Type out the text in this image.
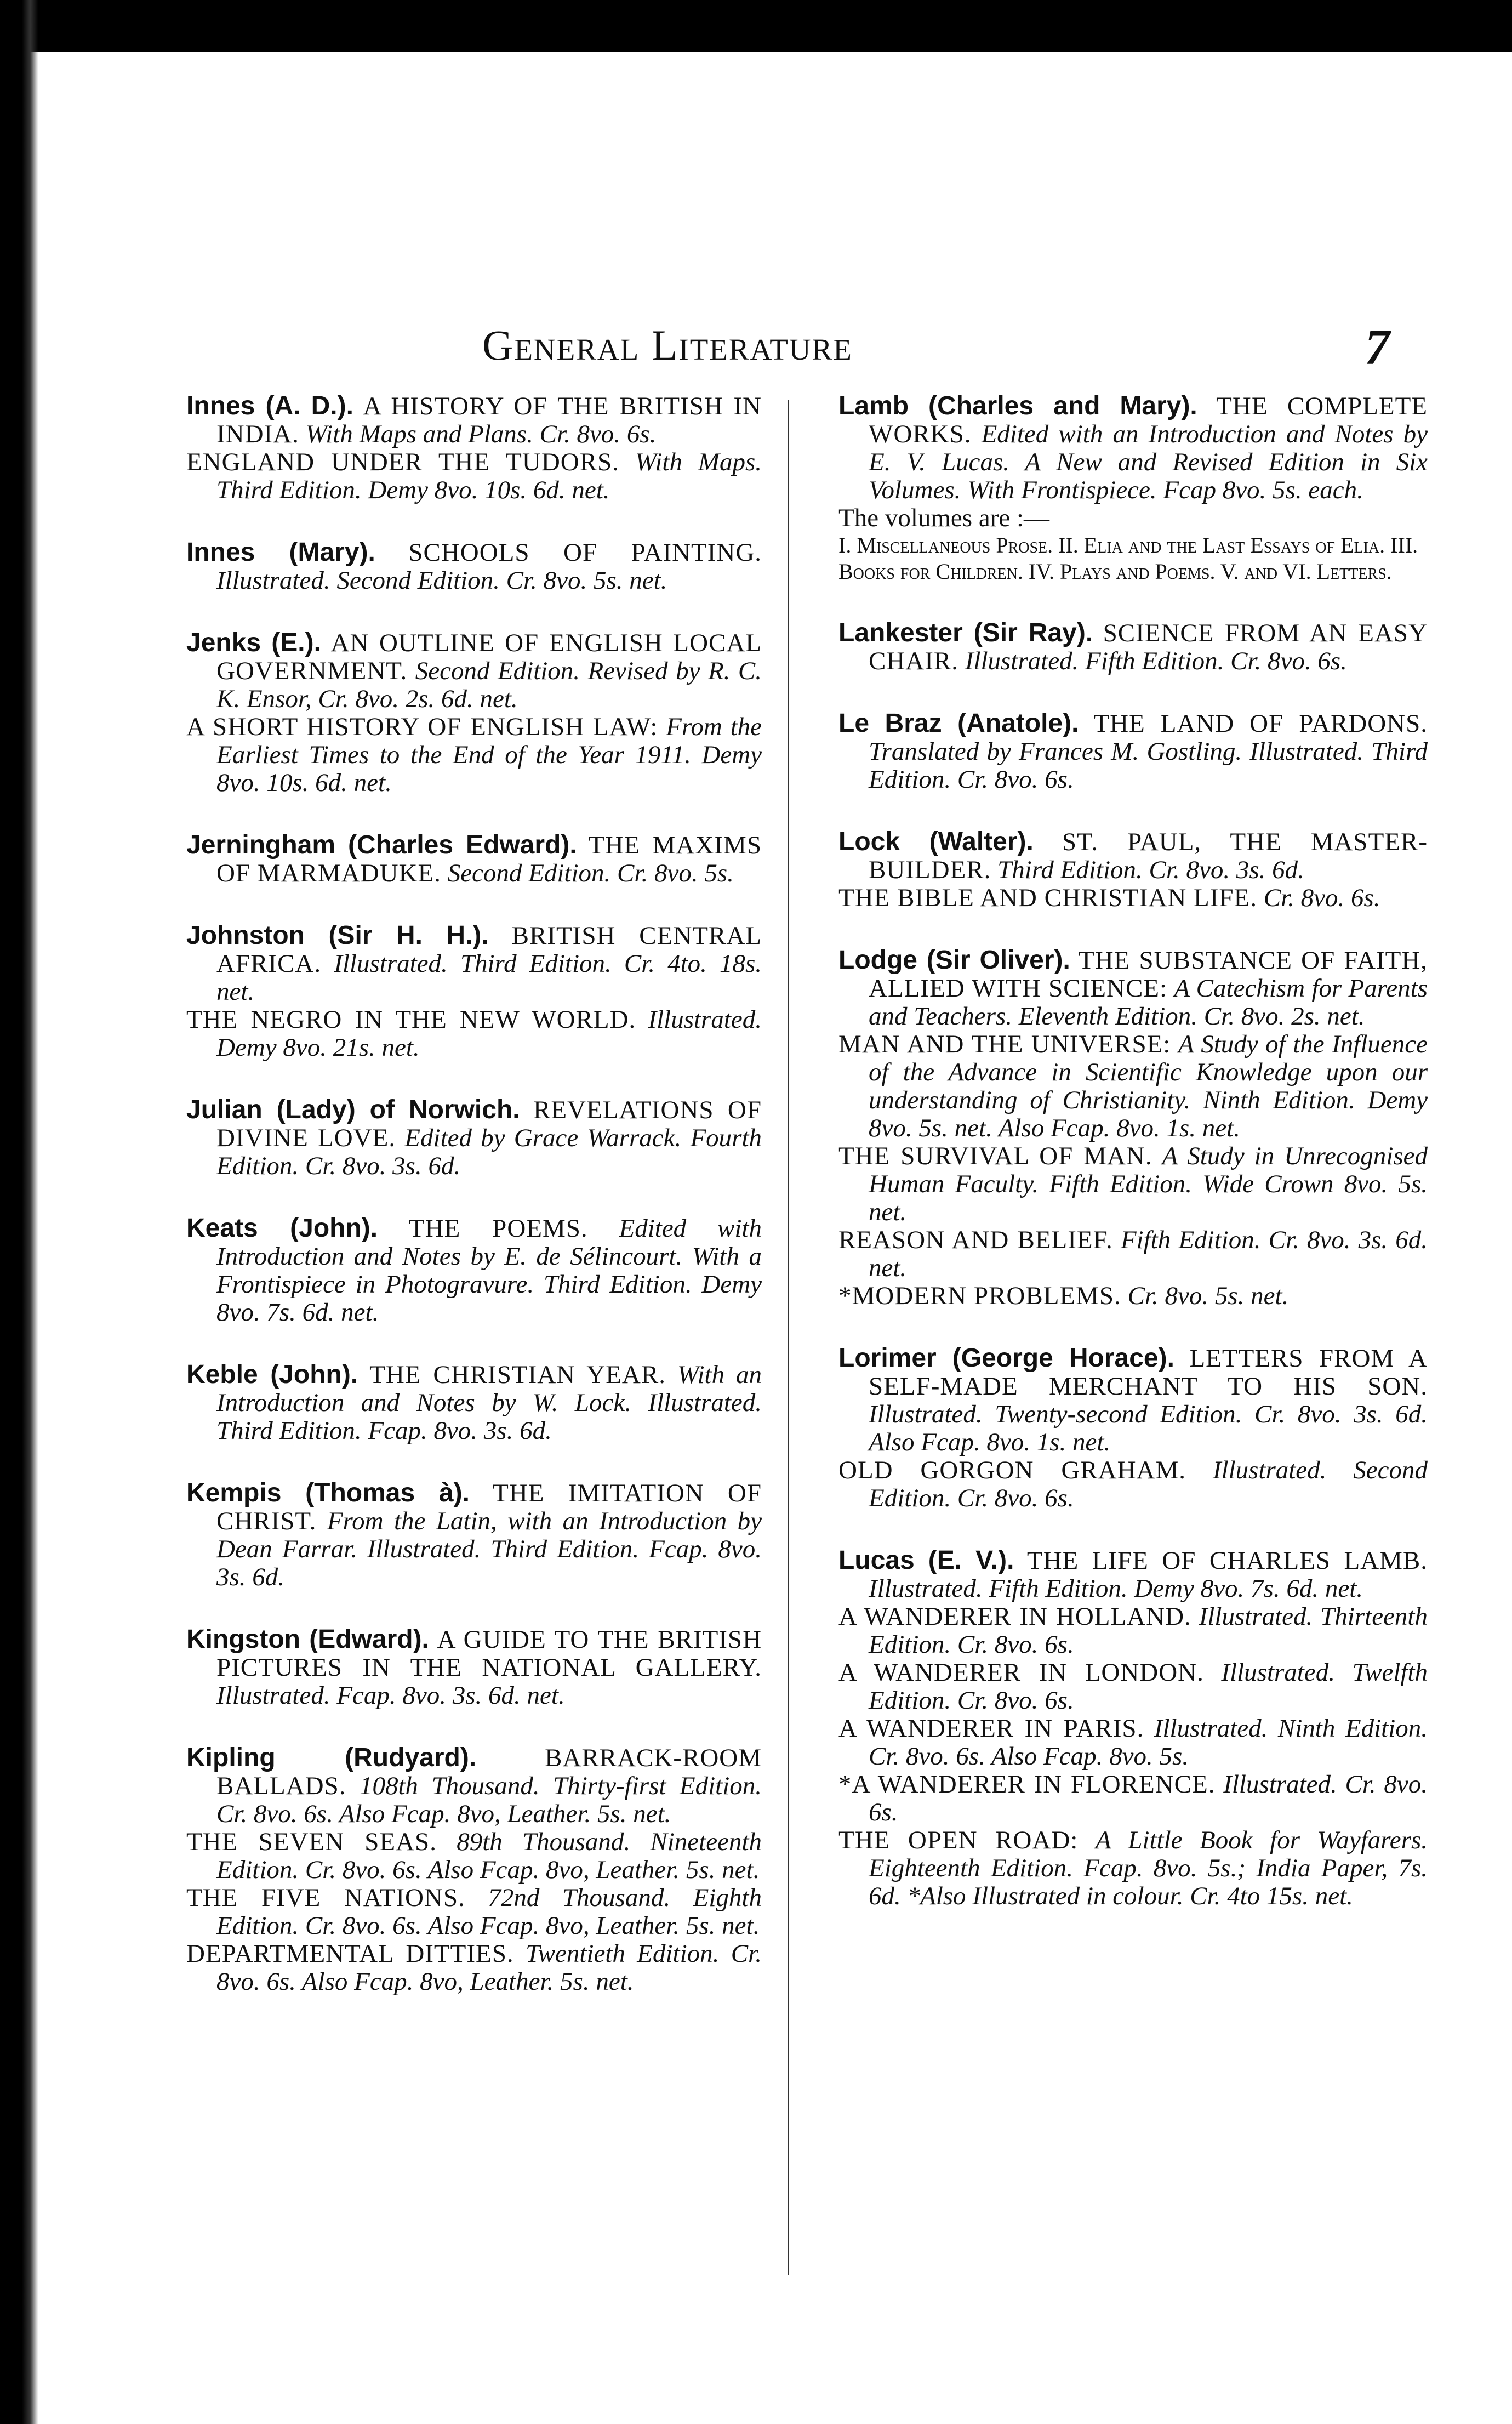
General Literature	7

Innes (A. D.). A HISTORY OF THE BRITISH IN INDIA. With Maps and Plans. Cr. 8vo. 6s.

ENGLAND UNDER THE TUDORS. With Maps. Third Edition. Demy 8vo. 10s. 6d. net.

Innes (Mary). SCHOOLS OF PAINTING. Illustrated. Second Edition. Cr. 8vo. 5s. net.

Jenks (E.). AN OUTLINE OF ENGLISH LOCAL GOVERNMENT. Second Edition. Revised by R. C. K. Ensor, Cr. 8vo. 2s. 6d. net.

A SHORT HISTORY OF ENGLISH LAW: From the Earliest Times to the End of the Year 1911. Demy 8vo. 10s. 6d. net.

Jerningham (Charles Edward). THE MAXIMS OF MARMADUKE. Second Edition. Cr. 8vo. 5s.

Johnston (Sir H. H.). BRITISH CENTRAL AFRICA. Illustrated. Third Edition. Cr. 4to. 18s. net.

THE NEGRO IN THE NEW WORLD. Illustrated. Demy 8vo. 21s. net.

Julian (Lady) of Norwich. REVELATIONS OF DIVINE LOVE. Edited by Grace Warrack. Fourth Edition. Cr. 8vo. 3s. 6d.

Keats (John). THE POEMS. Edited with Introduction and Notes by E. de Sélincourt. With a Frontispiece in Photogravure. Third Edition. Demy 8vo. 7s. 6d. net.

Keble (John). THE CHRISTIAN YEAR. With an Introduction and Notes by W. Lock. Illustrated. Third Edition. Fcap. 8vo. 3s. 6d.

Kempis (Thomas à). THE IMITATION OF CHRIST. From the Latin, with an Introduction by Dean Farrar. Illustrated. Third Edition. Fcap. 8vo. 3s. 6d.

Kingston (Edward). A GUIDE TO THE BRITISH PICTURES IN THE NATIONAL GALLERY. Illustrated. Fcap. 8vo. 3s. 6d. net.

Kipling (Rudyard).	BARRACK-ROOM BALLADS. 108th Thousand. Thirty-first Edition. Cr. 8vo. 6s. Also Fcap. 8vo, Leather. 5s. net.

THE SEVEN SEAS. 89th Thousand. Nineteenth Edition. Cr. 8vo. 6s. Also Fcap. 8vo, Leather. 5s. net.

THE FIVE NATIONS. 72nd Thousand. Eighth Edition. Cr. 8vo. 6s. Also Fcap. 8vo, Leather. 5s. net.

DEPARTMENTAL DITTIES. Twentieth Edition. Cr. 8vo. 6s. Also Fcap. 8vo, Leather. 5s. net.

Lamb (Charles and Mary). THE COMPLETE WORKS. Edited with an Introduction and Notes by E. V. Lucas. A New and Revised Edition in Six Volumes. With Frontispiece. Fcap 8vo. 5s. each.

The volumes are :—

I. Miscellaneous Prose. II. Elia and the Last Essays of Elia. III. Books for Children. IV. Plays and Poems. V. and VI. Letters.

Lankester (Sir Ray). SCIENCE FROM AN EASY CHAIR. Illustrated. Fifth Edition. Cr. 8vo. 6s.

Le Braz (Anatole). THE LAND OF PARDONS. Translated by Frances M. Gostling. Illustrated. Third Edition. Cr. 8vo. 6s.

Lock (Walter). ST. PAUL, THE MASTER-BUILDER. Third Edition. Cr. 8vo. 3s. 6d.

THE BIBLE AND CHRISTIAN LIFE. Cr. 8vo. 6s.

Lodge (Sir Oliver). THE SUBSTANCE OF FAITH, ALLIED WITH SCIENCE: A Catechism for Parents and Teachers. Eleventh Edition. Cr. 8vo. 2s. net.

MAN AND THE UNIVERSE: A Study of the Influence of the Advance in Scientific Knowledge upon our understanding of Christianity. Ninth Edition. Demy 8vo. 5s. net. Also Fcap. 8vo. 1s. net.

THE SURVIVAL OF MAN. A Study in Unrecognised Human Faculty. Fifth Edition. Wide Crown 8vo. 5s. net.

REASON AND BELIEF. Fifth Edition. Cr. 8vo. 3s. 6d. net.

*MODERN PROBLEMS. Cr. 8vo. 5s. net.

Lorimer (George Horace). LETTERS FROM A SELF-MADE MERCHANT TO HIS SON. Illustrated. Twenty-second Edition. Cr. 8vo. 3s. 6d. Also Fcap. 8vo. 1s. net.

OLD GORGON GRAHAM. Illustrated. Second Edition. Cr. 8vo. 6s.

Lucas (E. V.). THE LIFE OF CHARLES LAMB. Illustrated. Fifth Edition. Demy 8vo. 7s. 6d. net.

A WANDERER IN HOLLAND. Illustrated. Thirteenth Edition. Cr. 8vo. 6s.

A WANDERER IN LONDON. Illustrated. Twelfth Edition. Cr. 8vo. 6s.

A WANDERER IN PARIS. Illustrated. Ninth Edition. Cr. 8vo. 6s. Also Fcap. 8vo. 5s.

*A WANDERER IN FLORENCE. Illustrated. Cr. 8vo. 6s.

THE OPEN ROAD: A Little Book for Wayfarers. Eighteenth Edition. Fcap. 8vo. 5s.; India Paper, 7s. 6d. *Also Illustrated in colour. Cr. 4to 15s. net.
